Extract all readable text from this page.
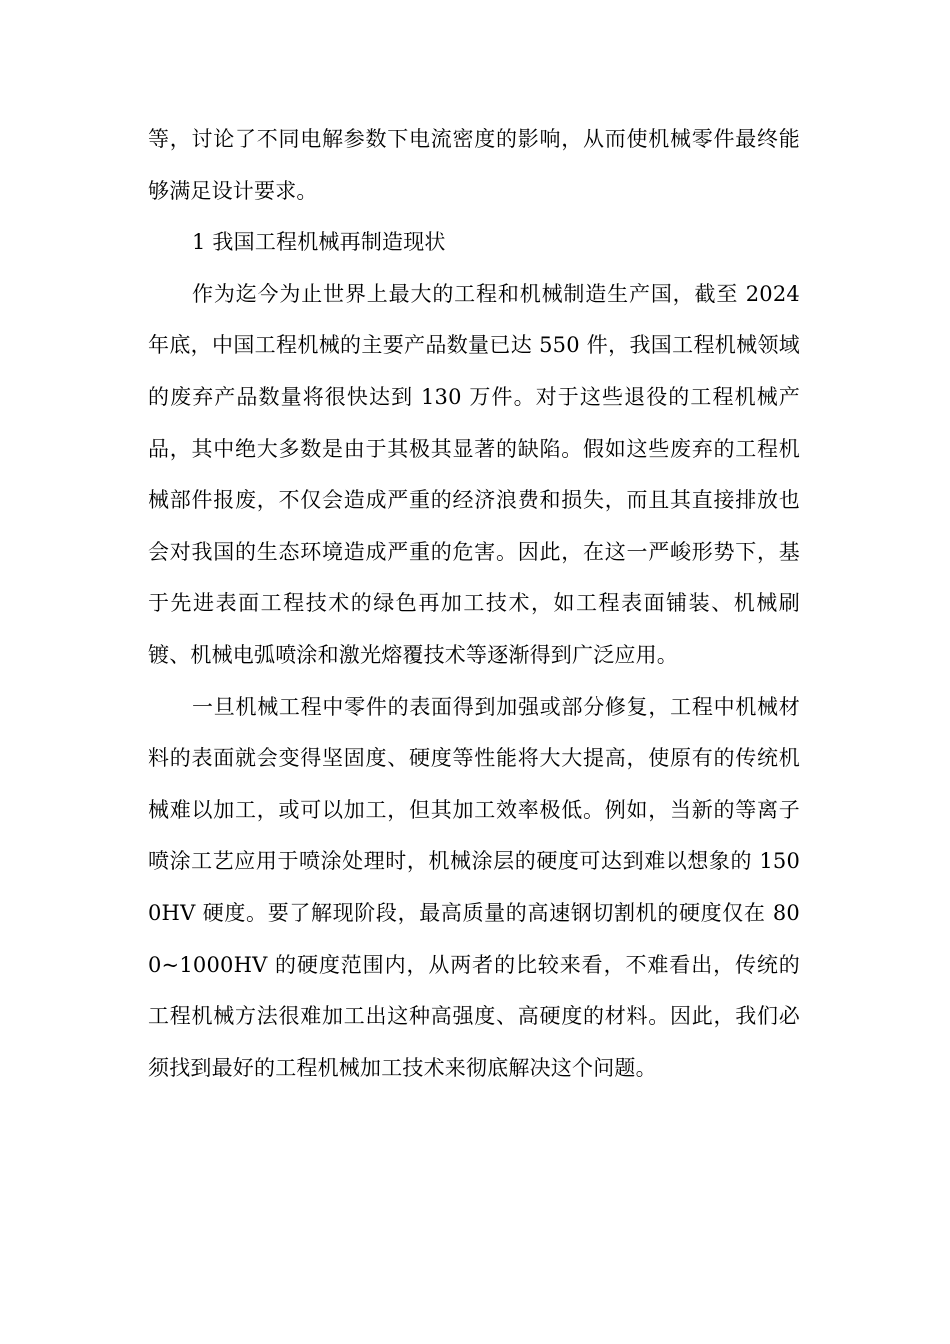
等，讨论了不同电解参数下电流密度的影响，从而使机械零件最终能够满足设计要求。

1 我国工程机械再制造现状

作为迄今为止世界上最大的工程和机械制造生产国，截至 2024 年底，中国工程机械的主要产品数量已达 550 件，我国工程机械领域的废弃产品数量将很快达到 130 万件。对于这些退役的工程机械产品，其中绝大多数是由于其极其显著的缺陷。假如这些废弃的工程机械部件报废，不仅会造成严重的经济浪费和损失，而且其直接排放也会对我国的生态环境造成严重的危害。因此，在这一严峻形势下，基于先进表面工程技术的绿色再加工技术，如工程表面铺装、机械刷镀、机械电弧喷涂和激光熔覆技术等逐渐得到广泛应用。

一旦机械工程中零件的表面得到加强或部分修复，工程中机械材料的表面就会变得坚固度、硬度等性能将大大提高，使原有的传统机械难以加工，或可以加工，但其加工效率极低。例如，当新的等离子喷涂工艺应用于喷涂处理时，机械涂层的硬度可达到难以想象的 1500HV 硬度。要了解现阶段，最高质量的高速钢切割机的硬度仅在 800~1000HV 的硬度范围内，从两者的比较来看，不难看出，传统的工程机械方法很难加工出这种高强度、高硬度的材料。因此，我们必须找到最好的工程机械加工技术来彻底解决这个问题。
